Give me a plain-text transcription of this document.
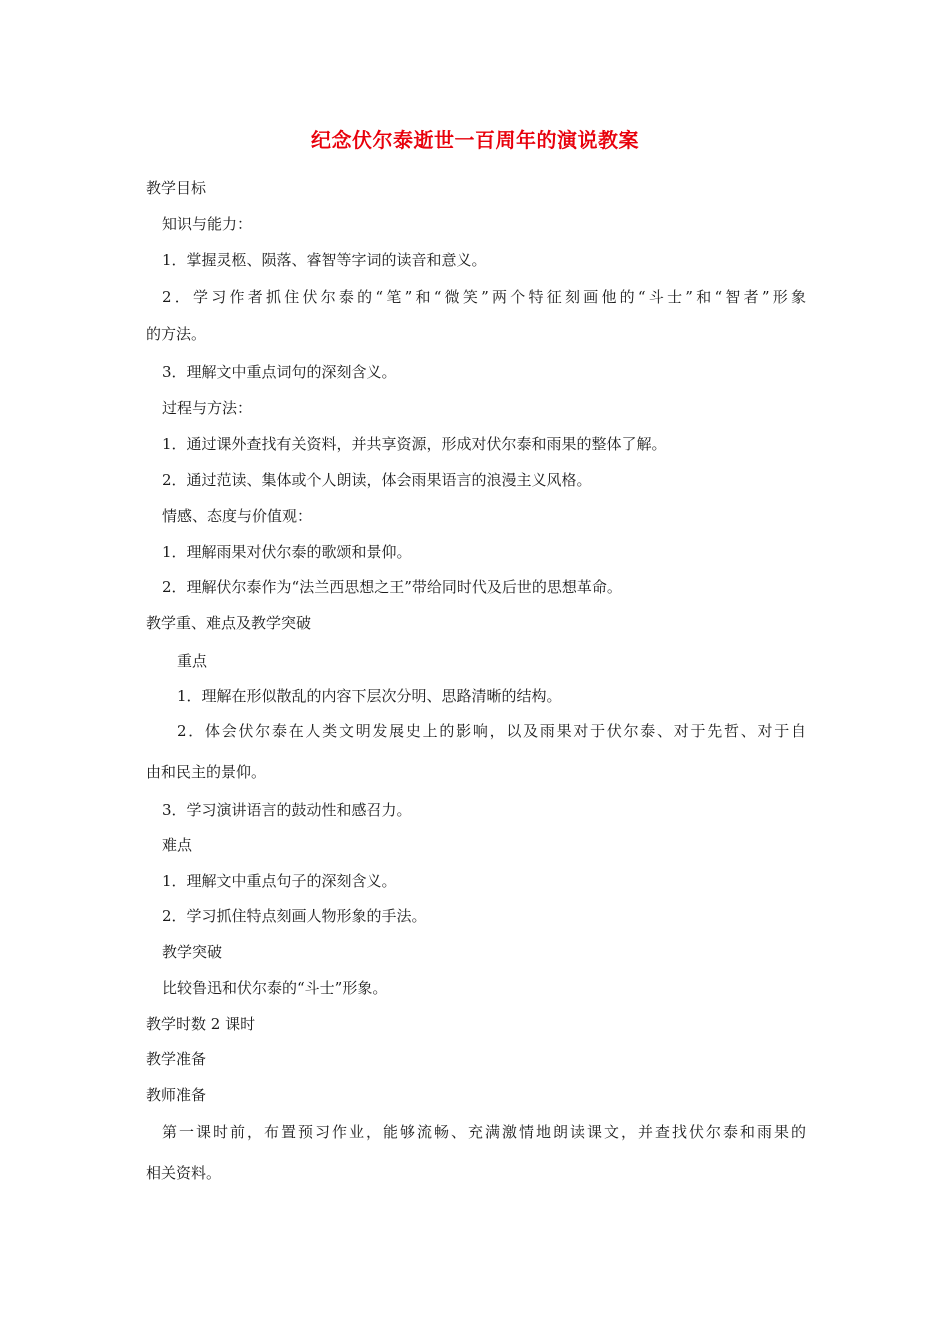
纪念伏尔泰逝世一百周年的演说教案
教学目标
知识与能力：
1．掌握灵柩、陨落、睿智等字词的读音和意义。
2．学习作者抓住伏尔泰的“笔”和“微笑”两个特征刻画他的“斗士”和“智者”形象
的方法。
3．理解文中重点词句的深刻含义。
过程与方法：
1．通过课外查找有关资料，并共享资源，形成对伏尔泰和雨果的整体了解。
2．通过范读、集体或个人朗读，体会雨果语言的浪漫主义风格。
情感、态度与价值观：
1．理解雨果对伏尔泰的歌颂和景仰。
2．理解伏尔泰作为“法兰西思想之王”带给同时代及后世的思想革命。
教学重、难点及教学突破
重点
1．理解在形似散乱的内容下层次分明、思路清晰的结构。
2．体会伏尔泰在人类文明发展史上的影响，以及雨果对于伏尔泰、对于先哲、对于自
由和民主的景仰。
3．学习演讲语言的鼓动性和感召力。
难点
1．理解文中重点句子的深刻含义。
2．学习抓住特点刻画人物形象的手法。
教学突破
比较鲁迅和伏尔泰的“斗士”形象。
教学时数 2 课时
教学准备
教师准备
第一课时前，布置预习作业，能够流畅、充满激情地朗读课文，并查找伏尔泰和雨果的
相关资料。
